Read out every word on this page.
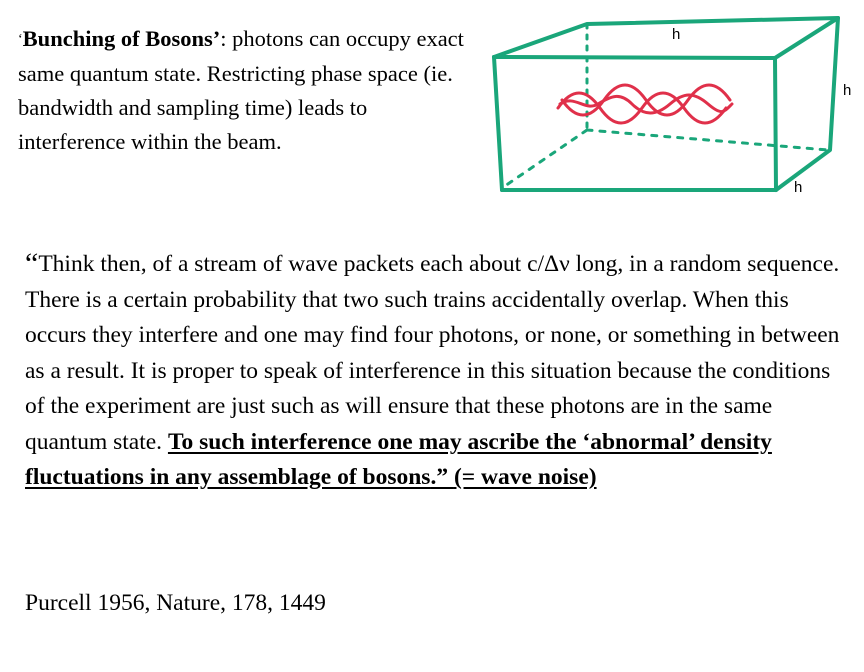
‘Bunching of Bosons’: photons can occupy exact same quantum state. Restricting phase space (ie. bandwidth and sampling time) leads to interference within the beam.
h
h
h
“Think then, of a stream of wave packets each about c/Δν long, in a random sequence. There is a certain probability that two such trains accidentally overlap. When this occurs they interfere and one may find four photons, or none, or something in between as a result. It is proper to speak of interference in this situation because the conditions of the experiment are just such as will ensure that these photons are in the same quantum state. To such interference one may ascribe the ‘abnormal’ density fluctuations in any assemblage of bosons.” (= wave noise)
Purcell 1956, Nature, 178, 1449
